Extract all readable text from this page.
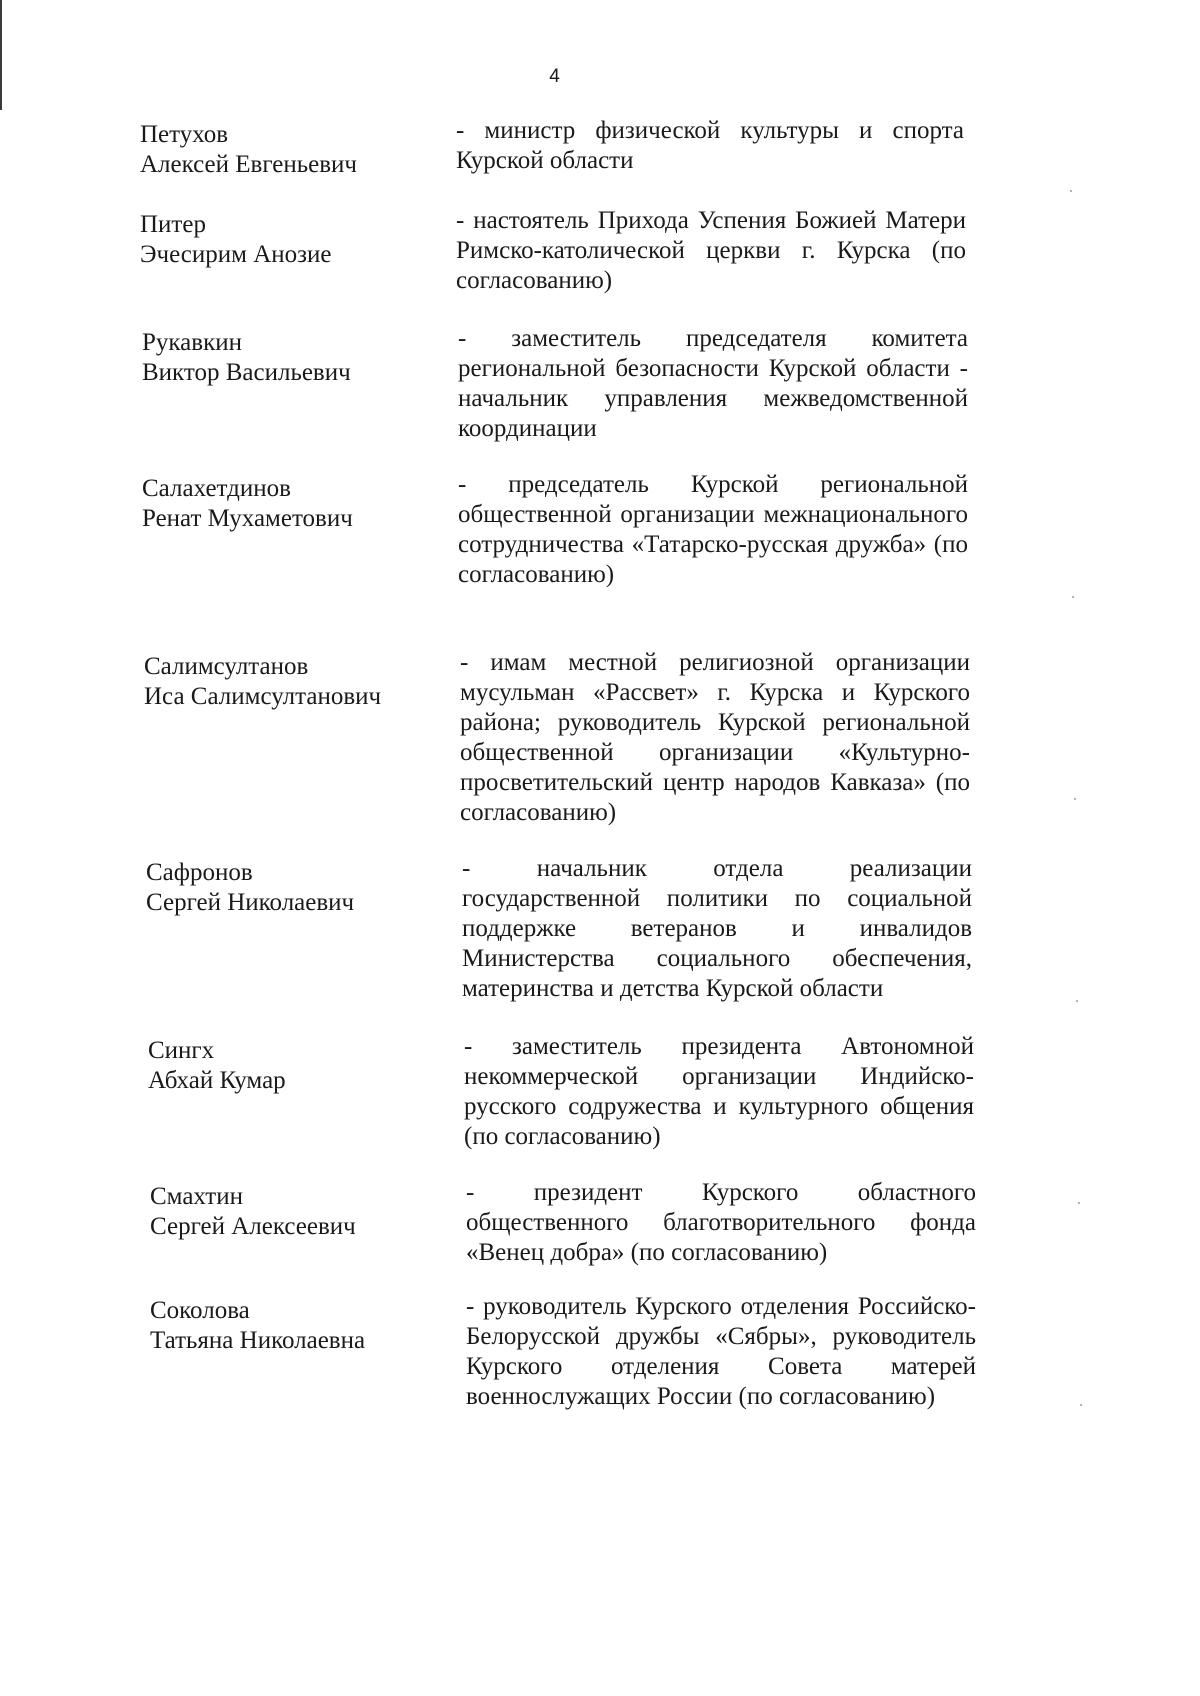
4
Петухов
Алексей Евгеньевич
- министр физической культуры и спорта Курской области
Питер
Эчесирим Анозие
- настоятель Прихода Успения Божией Матери Римско-католической церкви г. Курска (по согласованию)
Рукавкин
Виктор Васильевич
- заместитель председателя комитета региональной безопасности Курской области - начальник управления межведомственной координации
Салахетдинов
Ренат Мухаметович
- председатель Курской региональной общественной организации межнационального сотрудничества «Татарско-русская дружба» (по согласованию)
Салимсултанов
Иса Салимсултанович
- имам местной религиозной организации мусульман «Рассвет» г. Курска и Курского района; руководитель Курской региональной общественной организации «Культурно-просветительский центр народов Кавказа» (по согласованию)
Сафронов
Сергей Николаевич
- начальник отдела реализации государственной политики по социальной поддержке ветеранов и инвалидов Министерства социального обеспечения, материнства и детства Курской области
Сингх
Абхай Кумар
- заместитель президента Автономной некоммерческой организации Индийско-русского содружества и культурного общения (по согласованию)
Смахтин
Сергей Алексеевич
- президент Курского областного общественного благотворительного фонда «Венец добра» (по согласованию)
Соколова
Татьяна Николаевна
- руководитель Курского отделения Российско-Белорусской дружбы «Сябры», руководитель Курского отделения Совета матерей военнослужащих России (по согласованию)
